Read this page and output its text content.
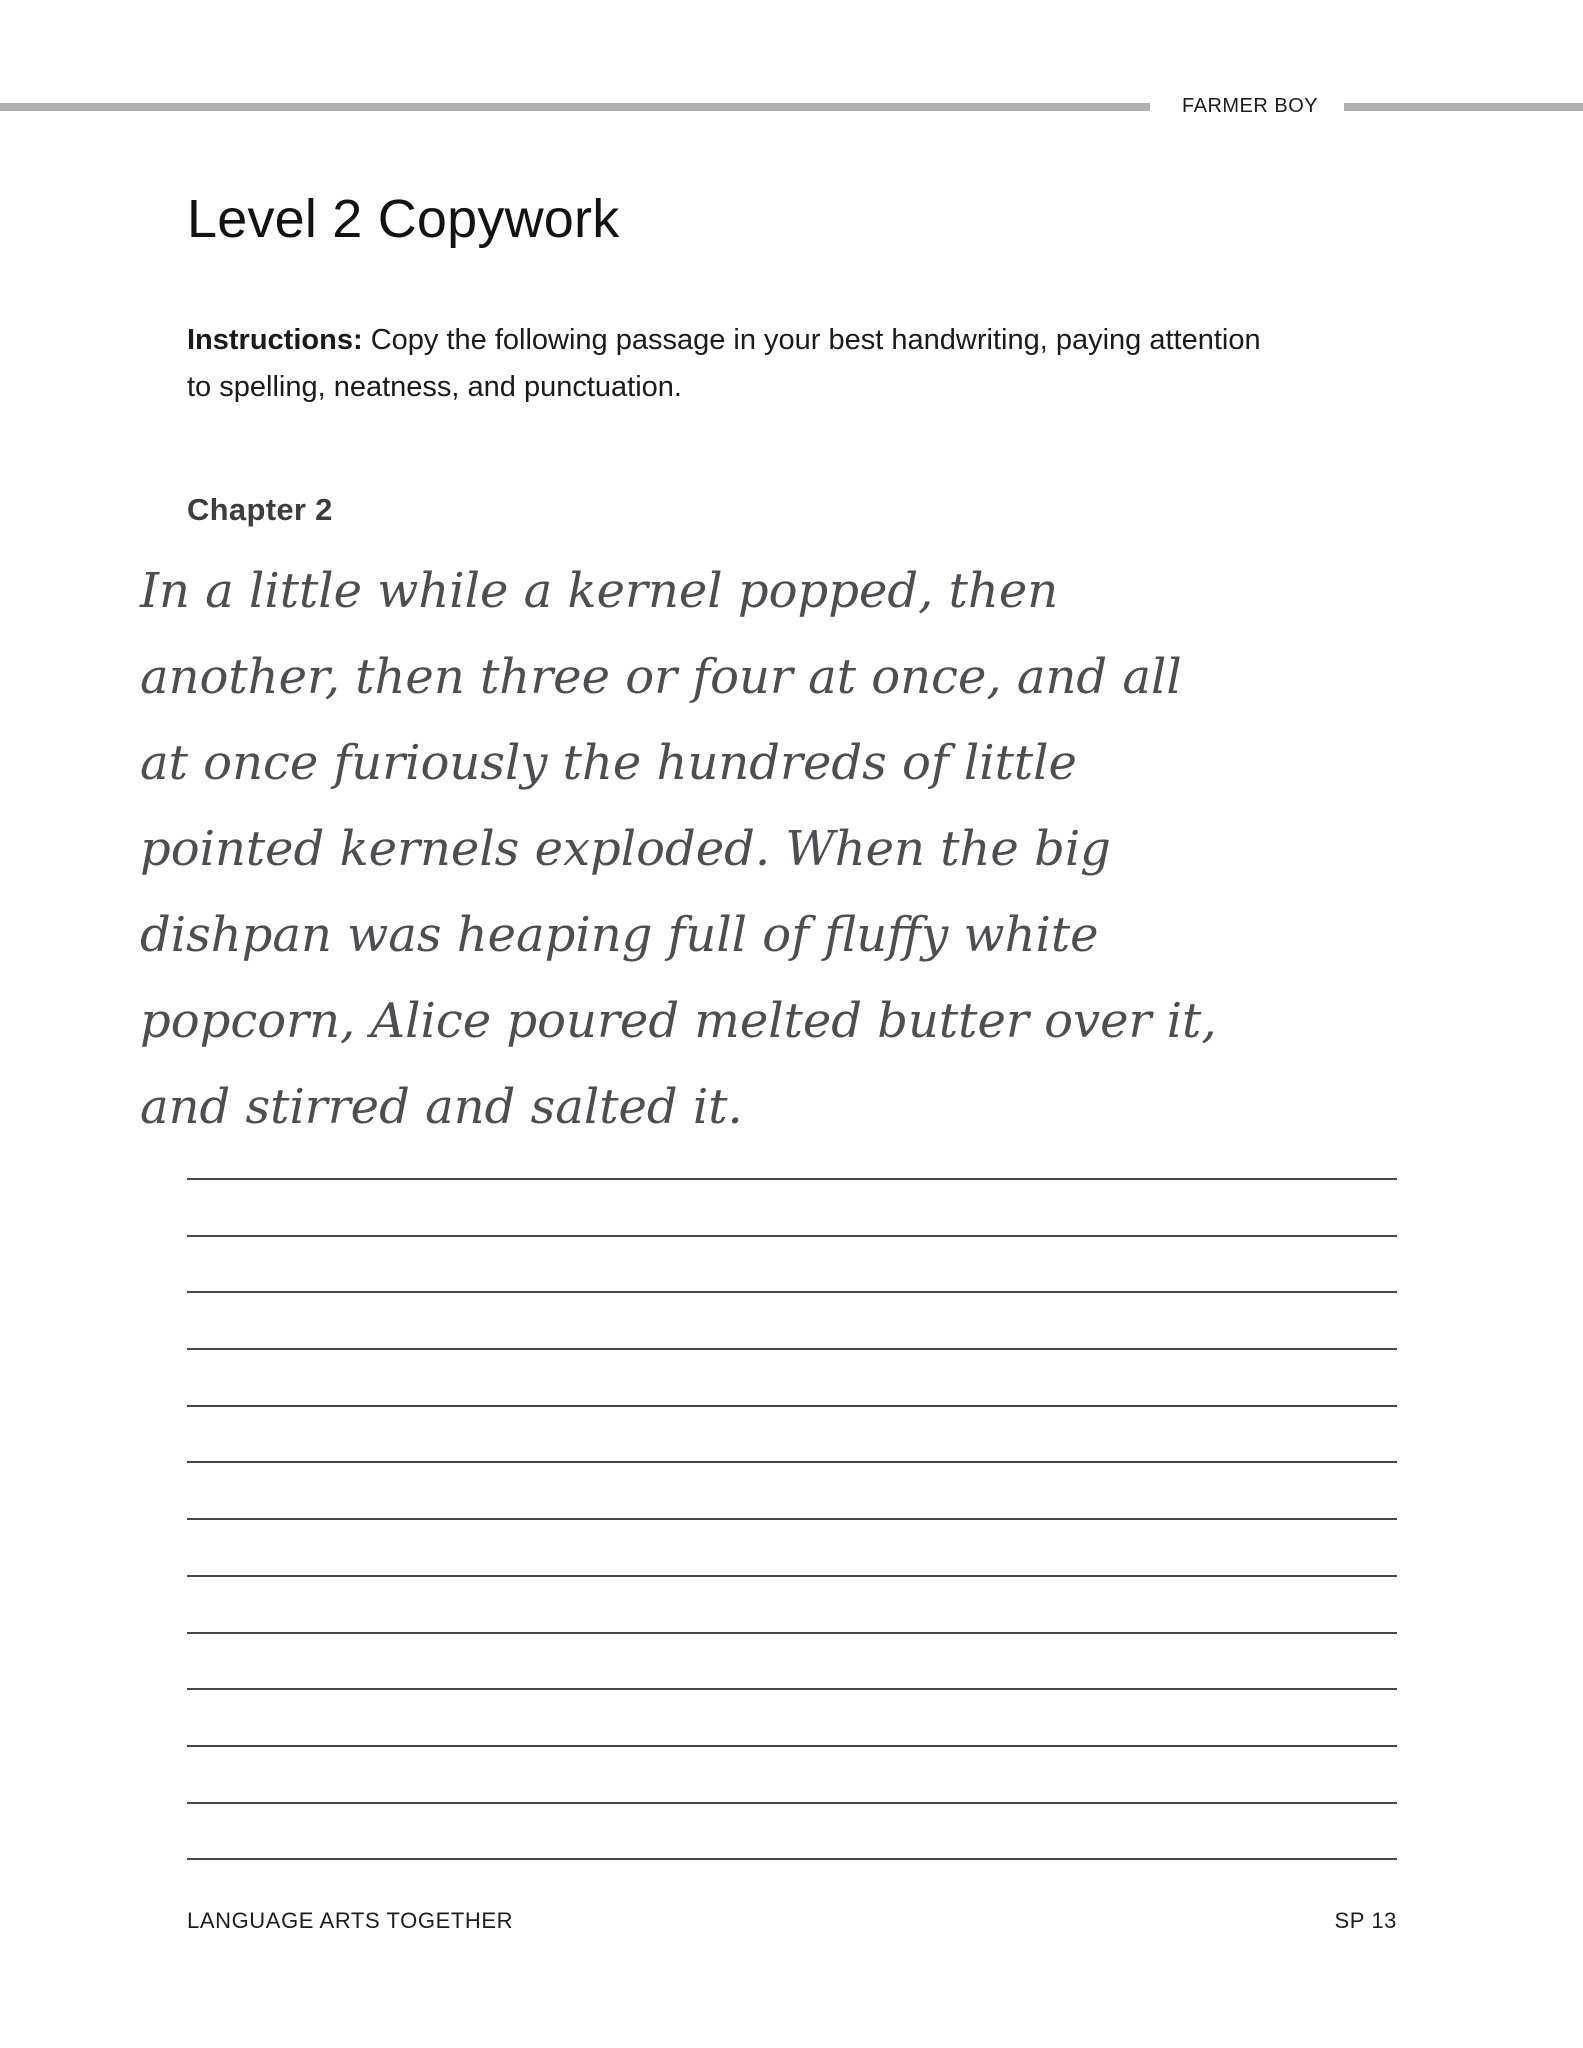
FARMER BOY
Level 2 Copywork

Instructions: Copy the following passage in your best handwriting, paying attention to spelling, neatness, and punctuation.

Chapter 2
In a little while a kernel popped, then
another, then three or four at once, and all
at once furiously the hundreds of little
pointed kernels exploded. When the big
dishpan was heaping full of fluffy white
popcorn, Alice poured melted butter over it,
and stirred and salted it.
LANGUAGE ARTS TOGETHER	SP 13
